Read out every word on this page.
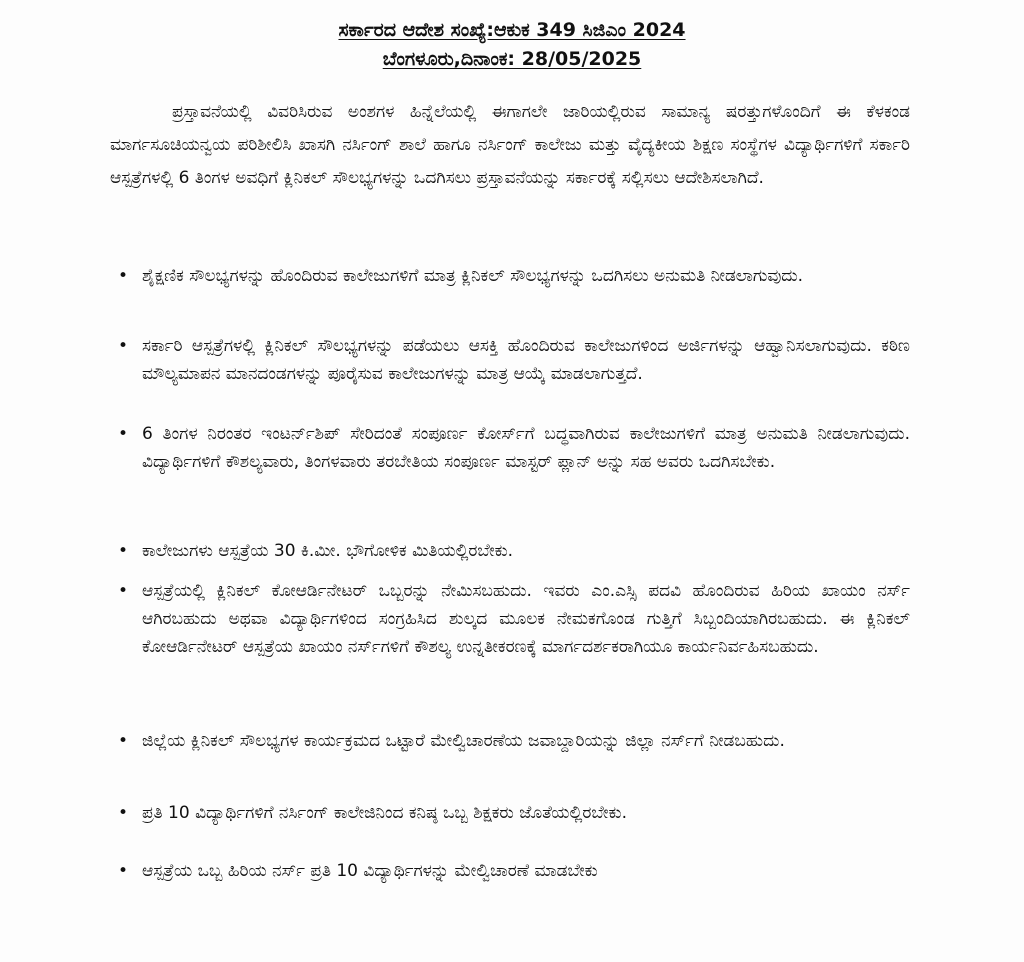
ಸರ್ಕಾರದ ಆದೇಶ ಸಂಖ್ಯೆ:ಆಕುಕ 349 ಸಿಜಿಎಂ 2024
ಬೆಂಗಳೂರು,ದಿನಾಂಕ: 28/05/2025

ಪ್ರಸ್ತಾವನೆಯಲ್ಲಿ ವಿವರಿಸಿರುವ ಅಂಶಗಳ ಹಿನ್ನೆಲೆಯಲ್ಲಿ ಈಗಾಗಲೇ ಜಾರಿಯಲ್ಲಿರುವ ಸಾಮಾನ್ಯ ಷರತ್ತುಗಳೊಂದಿಗೆ ಈ ಕೆಳಕಂಡ ಮಾರ್ಗಸೂಚಿಯನ್ವಯ ಪರಿಶೀಲಿಸಿ ಖಾಸಗಿ ನರ್ಸಿಂಗ್ ಶಾಲೆ ಹಾಗೂ ನರ್ಸಿಂಗ್ ಕಾಲೇಜು ಮತ್ತು ವೈದ್ಯಕೀಯ ಶಿಕ್ಷಣ ಸಂಸ್ಥೆಗಳ ವಿದ್ಯಾರ್ಥಿಗಳಿಗೆ ಸರ್ಕಾರಿ ಆಸ್ಪತ್ರೆಗಳಲ್ಲಿ 6 ತಿಂಗಳ ಅವಧಿಗೆ ಕ್ಲಿನಿಕಲ್ ಸೌಲಭ್ಯಗಳನ್ನು ಒದಗಿಸಲು ಪ್ರಸ್ತಾವನೆಯನ್ನು ಸರ್ಕಾರಕ್ಕೆ ಸಲ್ಲಿಸಲು ಆದೇಶಿಸಲಾಗಿದೆ.

• ಶೈಕ್ಷಣಿಕ ಸೌಲಭ್ಯಗಳನ್ನು ಹೊಂದಿರುವ ಕಾಲೇಜುಗಳಿಗೆ ಮಾತ್ರ ಕ್ಲಿನಿಕಲ್ ಸೌಲಭ್ಯಗಳನ್ನು ಒದಗಿಸಲು ಅನುಮತಿ ನೀಡಲಾಗುವುದು.
• ಸರ್ಕಾರಿ ಆಸ್ಪತ್ರೆಗಳಲ್ಲಿ ಕ್ಲಿನಿಕಲ್ ಸೌಲಭ್ಯಗಳನ್ನು ಪಡೆಯಲು ಆಸಕ್ತಿ ಹೊಂದಿರುವ ಕಾಲೇಜುಗಳಿಂದ ಅರ್ಜಿಗಳನ್ನು ಆಹ್ವಾನಿಸಲಾಗುವುದು. ಕಠಿಣ ಮೌಲ್ಯಮಾಪನ ಮಾನದಂಡಗಳನ್ನು ಪೂರೈಸುವ ಕಾಲೇಜುಗಳನ್ನು ಮಾತ್ರ ಆಯ್ಕೆ ಮಾಡಲಾಗುತ್ತದೆ.
• 6 ತಿಂಗಳ ನಿರಂತರ ಇಂಟರ್ನ್‌ಶಿಪ್ ಸೇರಿದಂತೆ ಸಂಪೂರ್ಣ ಕೋರ್ಸ್‌ಗೆ ಬದ್ಧವಾಗಿರುವ ಕಾಲೇಜುಗಳಿಗೆ ಮಾತ್ರ ಅನುಮತಿ ನೀಡಲಾಗುವುದು. ವಿದ್ಯಾರ್ಥಿಗಳಿಗೆ ಕೌಶಲ್ಯವಾರು, ತಿಂಗಳವಾರು ತರಬೇತಿಯ ಸಂಪೂರ್ಣ ಮಾಸ್ಟರ್ ಪ್ಲಾನ್ ಅನ್ನು ಸಹ ಅವರು ಒದಗಿಸಬೇಕು.
• ಕಾಲೇಜುಗಳು ಆಸ್ಪತ್ರೆಯ 30 ಕಿ.ಮೀ. ಭೌಗೋಳಿಕ ಮಿತಿಯಲ್ಲಿರಬೇಕು.
• ಆಸ್ಪತ್ರೆಯಲ್ಲಿ ಕ್ಲಿನಿಕಲ್ ಕೋಆರ್ಡಿನೇಟರ್ ಒಬ್ಬರನ್ನು ನೇಮಿಸಬಹುದು. ಇವರು ಎಂ.ಎಸ್ಸಿ ಪದವಿ ಹೊಂದಿರುವ ಹಿರಿಯ ಖಾಯಂ ನರ್ಸ್ ಆಗಿರಬಹುದು ಅಥವಾ ವಿದ್ಯಾರ್ಥಿಗಳಿಂದ ಸಂಗ್ರಹಿಸಿದ ಶುಲ್ಕದ ಮೂಲಕ ನೇಮಕಗೊಂಡ ಗುತ್ತಿಗೆ ಸಿಬ್ಬಂದಿಯಾಗಿರಬಹುದು. ಈ ಕ್ಲಿನಿಕಲ್ ಕೋಆರ್ಡಿನೇಟರ್ ಆಸ್ಪತ್ರೆಯ ಖಾಯಂ ನರ್ಸ್‌ಗಳಿಗೆ ಕೌಶಲ್ಯ ಉನ್ನತೀಕರಣಕ್ಕೆ ಮಾರ್ಗದರ್ಶಕರಾಗಿಯೂ ಕಾರ್ಯನಿರ್ವಹಿಸಬಹುದು.
• ಜಿಲ್ಲೆಯ ಕ್ಲಿನಿಕಲ್ ಸೌಲಭ್ಯಗಳ ಕಾರ್ಯಕ್ರಮದ ಒಟ್ಟಾರೆ ಮೇಲ್ವಿಚಾರಣೆಯ ಜವಾಬ್ದಾರಿಯನ್ನು ಜಿಲ್ಲಾ ನರ್ಸ್‌ಗೆ ನೀಡಬಹುದು.
• ಪ್ರತಿ 10 ವಿದ್ಯಾರ್ಥಿಗಳಿಗೆ ನರ್ಸಿಂಗ್ ಕಾಲೇಜಿನಿಂದ ಕನಿಷ್ಠ ಒಬ್ಬ ಶಿಕ್ಷಕರು ಜೊತೆಯಲ್ಲಿರಬೇಕು.
• ಆಸ್ಪತ್ರೆಯ ಒಬ್ಬ ಹಿರಿಯ ನರ್ಸ್ ಪ್ರತಿ 10 ವಿದ್ಯಾರ್ಥಿಗಳನ್ನು ಮೇಲ್ವಿಚಾರಣೆ ಮಾಡಬೇಕು
